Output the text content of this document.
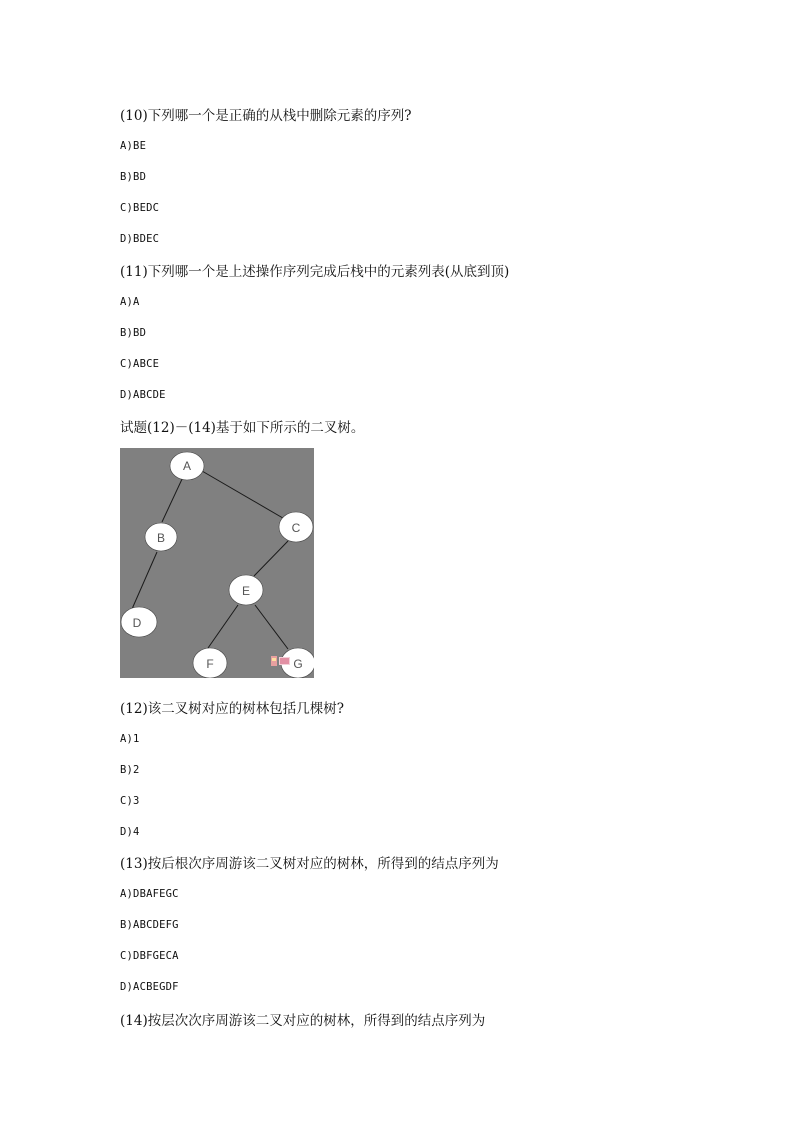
(10)下列哪一个是正确的从栈中删除元素的序列?
A)BE
B)BD
C)BEDC
D)BDEC
(11)下列哪一个是上述操作序列完成后栈中的元素列表(从底到顶)
A)A
B)BD
C)ABCE
D)ABCDE
试题(12)－(14)基于如下所示的二叉树。
A
B
C
E
D
F	G
(12)该二叉树对应的树林包括几棵树?
A)1
B)2
C)3
D)4
(13)按后根次序周游该二叉树对应的树林，所得到的结点序列为
A)DBAFEGC
B)ABCDEFG
C)DBFGECA
D)ACBEGDF
(14)按层次次序周游该二叉对应的树林，所得到的结点序列为
